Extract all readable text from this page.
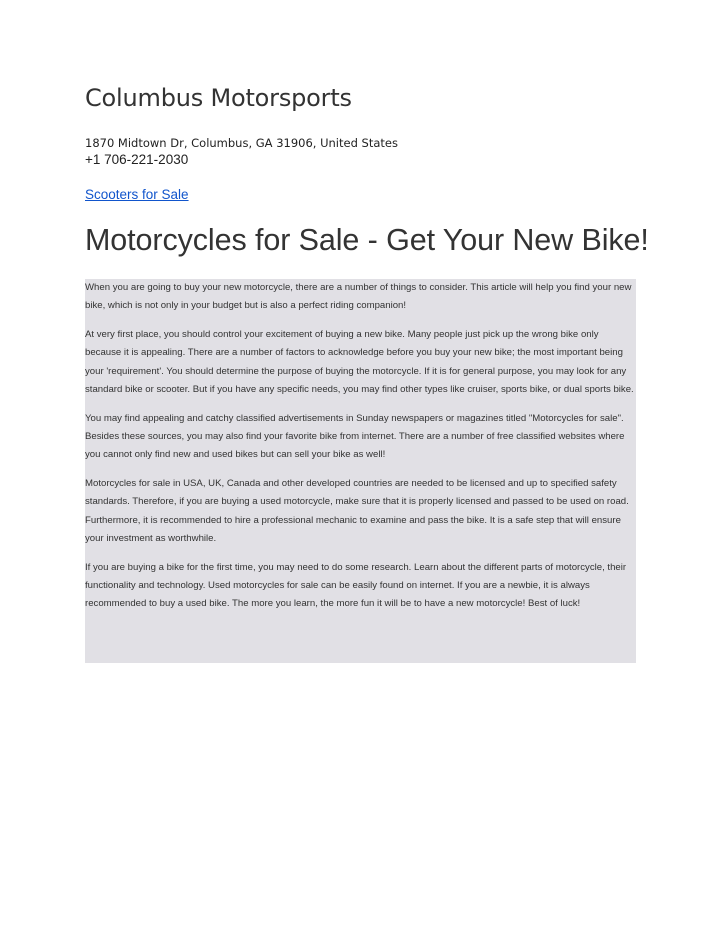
Columbus Motorsports
1870 Midtown Dr, Columbus, GA 31906, United States
+1 706-221-2030
Scooters for Sale
Motorcycles for Sale - Get Your New Bike!

When you are going to buy your new motorcycle, there are a number of things to consider. This article will help you find your new bike, which is not only in your budget but is also a perfect riding companion!

At very first place, you should control your excitement of buying a new bike. Many people just pick up the wrong bike only because it is appealing. There are a number of factors to acknowledge before you buy your new bike; the most important being your 'requirement'. You should determine the purpose of buying the motorcycle. If it is for general purpose, you may look for any standard bike or scooter. But if you have any specific needs, you may find other types like cruiser, sports bike, or dual sports bike.

You may find appealing and catchy classified advertisements in Sunday newspapers or magazines titled "Motorcycles for sale". Besides these sources, you may also find your favorite bike from internet. There are a number of free classified websites where you cannot only find new and used bikes but can sell your bike as well!

Motorcycles for sale in USA, UK, Canada and other developed countries are needed to be licensed and up to specified safety standards. Therefore, if you are buying a used motorcycle, make sure that it is properly licensed and passed to be used on road. Furthermore, it is recommended to hire a professional mechanic to examine and pass the bike. It is a safe step that will ensure your investment as worthwhile.

If you are buying a bike for the first time, you may need to do some research. Learn about the different parts of motorcycle, their functionality and technology. Used motorcycles for sale can be easily found on internet. If you are a newbie, it is always recommended to buy a used bike. The more you learn, the more fun it will be to have a new motorcycle! Best of luck!
